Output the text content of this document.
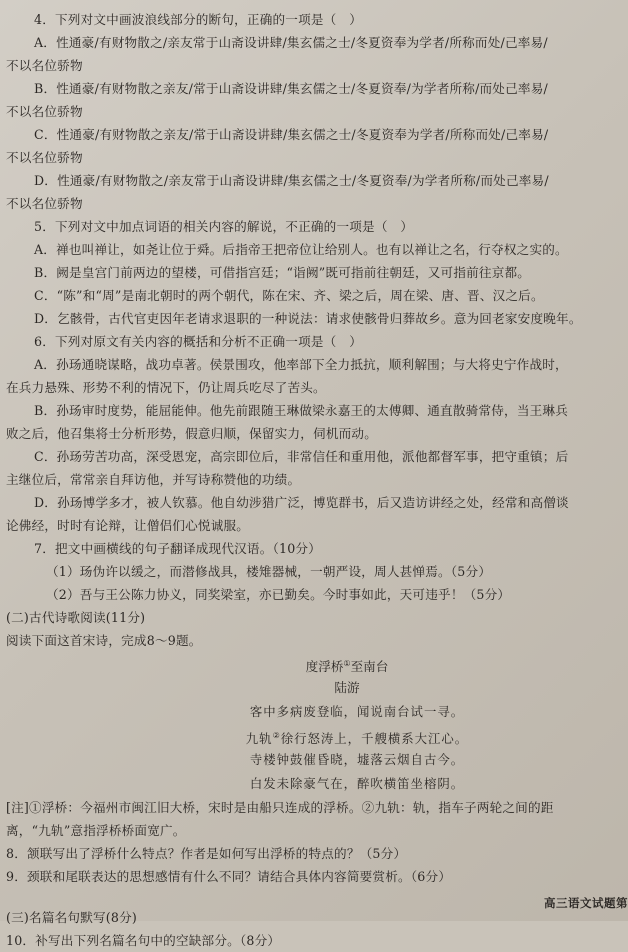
4．下列对文中画波浪线部分的断句，正确的一项是（　）
A．性通豪/有财物散之/亲友常于山斋设讲肆/集玄儒之士/冬夏资奉为学者/所称而处/己率易/
不以名位骄物
B．性通豪/有财物散之亲友/常于山斋设讲肆/集玄儒之士/冬夏资奉/为学者所称/而处己率易/
不以名位骄物
C．性通豪/有财物散之亲友/常于山斋设讲肆/集玄儒之士/冬夏资奉为学者/所称而处/己率易/
不以名位骄物
D．性通豪/有财物散之/亲友常于山斋设讲肆/集玄儒之士/冬夏资奉/为学者所称/而处己率易/
不以名位骄物
5．下列对文中加点词语的相关内容的解说，不正确的一项是（　）
A．禅也叫禅让，如尧让位于舜。后指帝王把帝位让给别人。也有以禅让之名，行夺权之实的。
B．阙是皇宫门前两边的望楼，可借指宫廷；“诣阙”既可指前往朝廷，又可指前往京都。
C．“陈”和“周”是南北朝时的两个朝代，陈在宋、齐、梁之后，周在梁、唐、晋、汉之后。
D．乞骸骨，古代官吏因年老请求退职的一种说法：请求使骸骨归葬故乡。意为回老家安度晚年。
6．下列对原文有关内容的概括和分析不正确一项是（　）
A．孙玚通晓谋略，战功卓著。侯景围攻，他率部下全力抵抗，顺利解围；与大将史宁作战时，
在兵力悬殊、形势不利的情况下，仍让周兵吃尽了苦头。
B．孙玚审时度势，能屈能伸。他先前跟随王琳做梁永嘉王的太傅卿、通直散骑常侍，当王琳兵
败之后，他召集将士分析形势，假意归顺，保留实力，伺机而动。
C．孙玚劳苦功高，深受恩宠，高宗即位后，非常信任和重用他，派他都督军事，把守重镇；后
主继位后，常常亲自拜访他，并写诗称赞他的功绩。
D．孙玚博学多才，被人钦慕。他自幼涉猎广泛，博览群书，后又造访讲经之处，经常和高僧谈
论佛经，时时有论辩，让僧侣们心悦诚服。
7．把文中画横线的句子翻译成现代汉语。（10分）
（1）玚伪许以缓之，而潜修战具，楼雉器械，一朝严设，周人甚惮焉。（5分）
（2）吾与王公陈力协义，同奖梁室，亦已勤矣。今时事如此，天可违乎！（5分）
(二)古代诗歌阅读(11分)
阅读下面这首宋诗，完成8～9题。
度浮桥①至南台
陆游
客中多病废登临，闻说南台试一寻。
九轨②徐行怒涛上，千艘横系大江心。
寺楼钟鼓催昏晓，墟落云烟自古今。
白发未除豪气在，醉吹横笛坐榕阴。
[注]①浮桥：今福州市闽江旧大桥，宋时是由船只连成的浮桥。②九轨：轨，指车子两轮之间的距
离，“九轨”意指浮桥桥面宽广。
8．颔联写出了浮桥什么特点？作者是如何写出浮桥的特点的？（5分）
9．颈联和尾联表达的思想感情有什么不同？请结合具体内容简要赏析。（6分）
(三)名篇名句默写(8分)
10．补写出下列名篇名句中的空缺部分。（8分）
高三语文试题第
